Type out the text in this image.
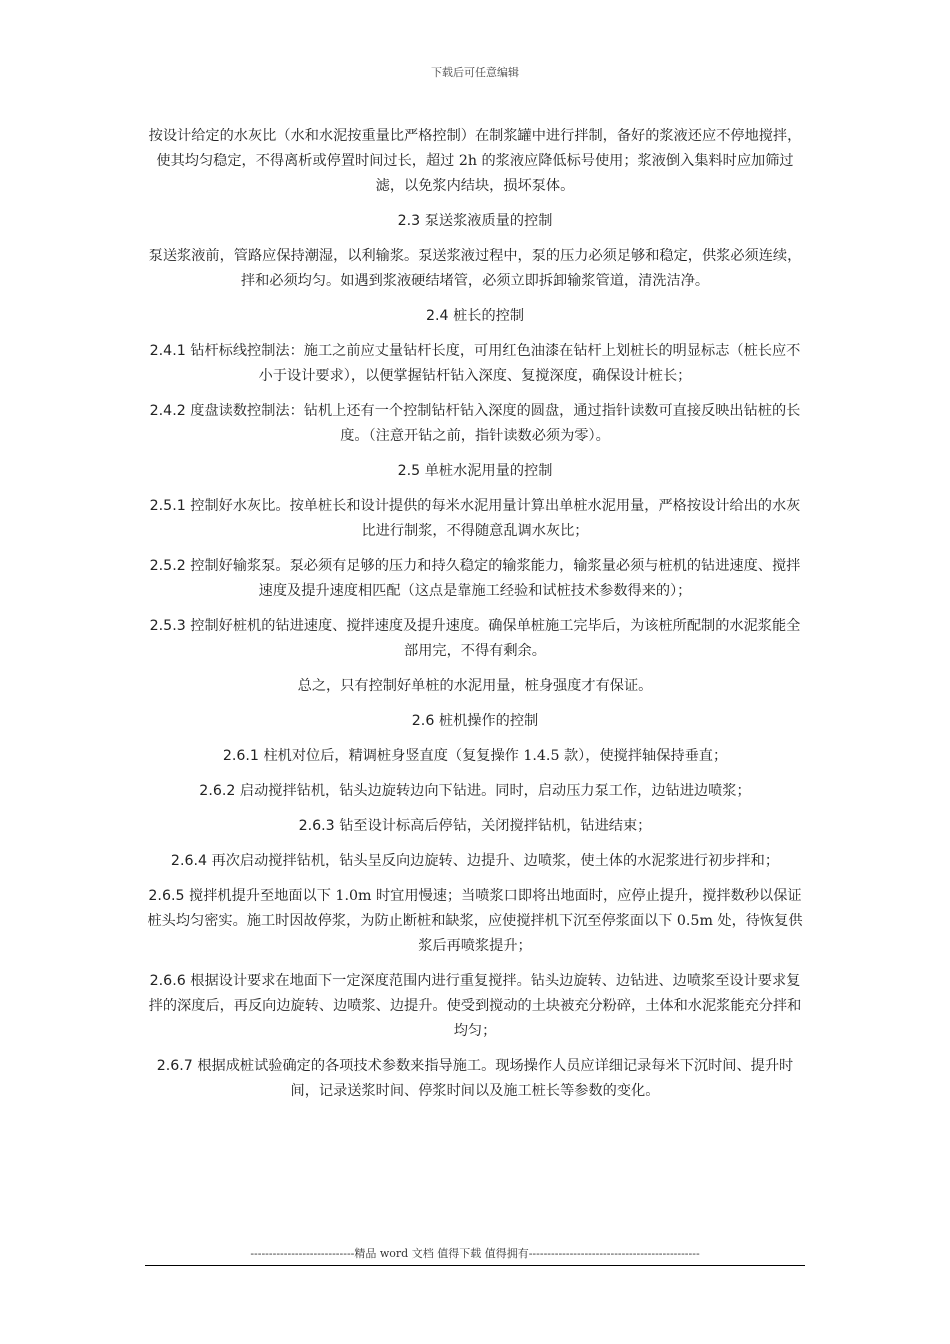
下载后可任意编辑
按设计给定的水灰比（水和水泥按重量比严格控制）在制浆罐中进行拌制，备好的浆液还应不停地搅拌，使其均匀稳定，不得离析或停置时间过长，超过 2h 的浆液应降低标号使用；浆液倒入集料时应加筛过滤，以免浆内结块，损坏泵体。
2.3 泵送浆液质量的控制
泵送浆液前，管路应保持潮湿，以利输浆。泵送浆液过程中，泵的压力必须足够和稳定，供浆必须连续，拌和必须均匀。如遇到浆液硬结堵管，必须立即拆卸输浆管道，清洗洁净。
2.4 桩长的控制
2.4.1 钻杆标线控制法：施工之前应丈量钻杆长度，可用红色油漆在钻杆上划桩长的明显标志（桩长应不小于设计要求），以便掌握钻杆钻入深度、复搅深度，确保设计桩长；
2.4.2 度盘读数控制法：钻机上还有一个控制钻杆钻入深度的圆盘，通过指针读数可直接反映出钻桩的长度。（注意开钻之前，指针读数必须为零）。
2.5 单桩水泥用量的控制
2.5.1 控制好水灰比。按单桩长和设计提供的每米水泥用量计算出单桩水泥用量，严格按设计给出的水灰比进行制浆，不得随意乱调水灰比；
2.5.2 控制好输浆泵。泵必须有足够的压力和持久稳定的输浆能力，输浆量必须与桩机的钻进速度、搅拌速度及提升速度相匹配（这点是靠施工经验和试桩技术参数得来的）；
2.5.3 控制好桩机的钻进速度、搅拌速度及提升速度。确保单桩施工完毕后，为该桩所配制的水泥浆能全部用完，不得有剩余。
总之，只有控制好单桩的水泥用量，桩身强度才有保证。
2.6 桩机操作的控制
2.6.1 柱机对位后，精调桩身竖直度（复复操作 1.4.5 款），使搅拌轴保持垂直；
2.6.2 启动搅拌钻机，钻头边旋转边向下钻进。同时，启动压力泵工作，边钻进边喷浆；
2.6.3 钻至设计标高后停钻，关闭搅拌钻机，钻进结束；
2.6.4 再次启动搅拌钻机，钻头呈反向边旋转、边提升、边喷浆，使土体的水泥浆进行初步拌和；
2.6.5 搅拌机提升至地面以下 1.0m 时宜用慢速；当喷浆口即将出地面时，应停止提升，搅拌数秒以保证桩头均匀密实。施工时因故停浆，为防止断桩和缺浆，应使搅拌机下沉至停浆面以下 0.5m 处，待恢复供浆后再喷浆提升；
2.6.6 根据设计要求在地面下一定深度范围内进行重复搅拌。钻头边旋转、边钻进、边喷浆至设计要求复拌的深度后，再反向边旋转、边喷浆、边提升。使受到搅动的土块被充分粉碎，土体和水泥浆能充分拌和均匀；
2.6.7 根据成桩试验确定的各项技术参数来指导施工。现场操作人员应详细记录每米下沉时间、提升时间，记录送浆时间、停浆时间以及施工桩长等参数的变化。
----------------------------精品 word 文档 值得下载 值得拥有----------------------------------------------
